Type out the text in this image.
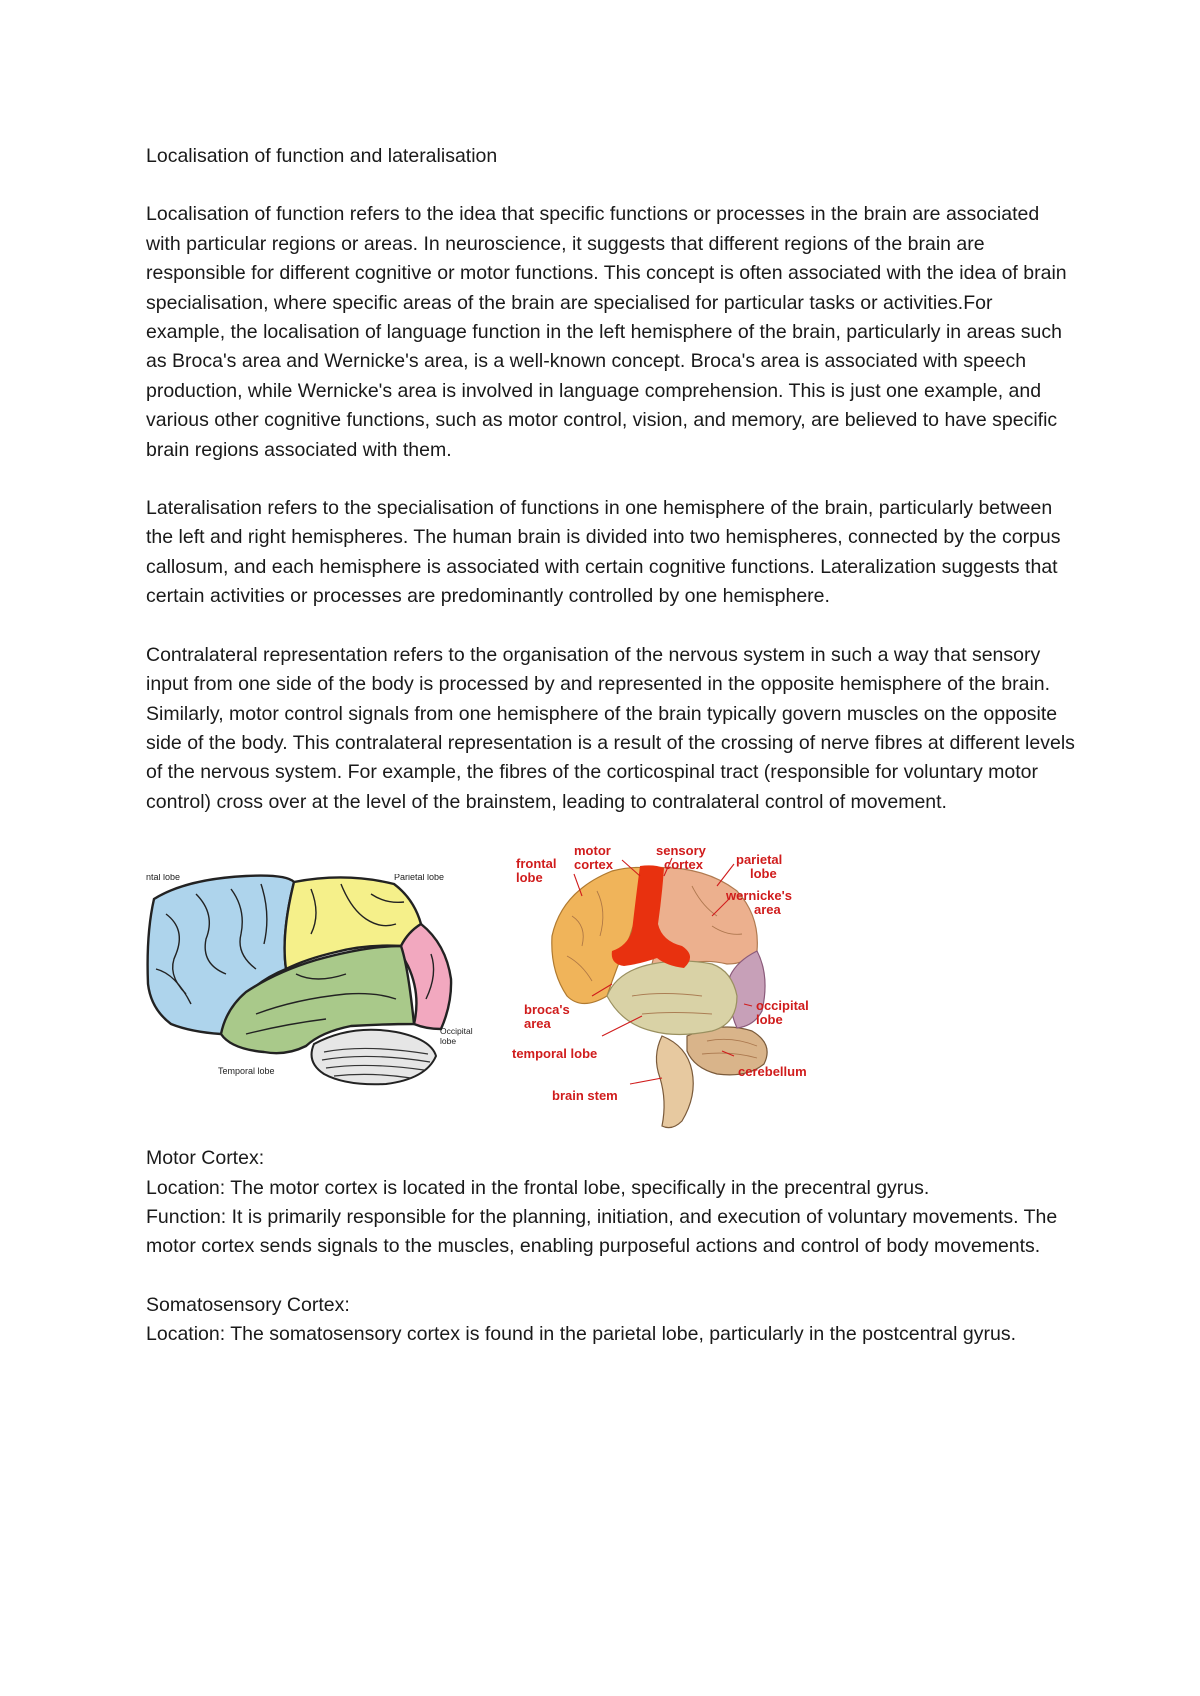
Localisation of function and lateralisation

Localisation of function refers to the idea that specific functions or processes in the brain are associated with particular regions or areas. In neuroscience, it suggests that different regions of the brain are responsible for different cognitive or motor functions. This concept is often associated with the idea of brain specialisation, where specific areas of the brain are specialised for particular tasks or activities.For example, the localisation of language function in the left hemisphere of the brain, particularly in areas such as Broca's area and Wernicke's area, is a well-known concept. Broca's area is associated with speech production, while Wernicke's area is involved in language comprehension. This is just one example, and various other cognitive functions, such as motor control, vision, and memory, are believed to have specific brain regions associated with them.

Lateralisation refers to the specialisation of functions in one hemisphere of the brain, particularly between the left and right hemispheres. The human brain is divided into two hemispheres, connected by the corpus callosum, and each hemisphere is associated with certain cognitive functions. Lateralization suggests that certain activities or processes are predominantly controlled by one hemisphere.

Contralateral representation refers to the organisation of the nervous system in such a way that sensory input from one side of the body is processed by and represented in the opposite hemisphere of the brain. Similarly, motor control signals from one hemisphere of the brain typically govern muscles on the opposite side of the body. This contralateral representation is a result of the crossing of nerve fibres at different levels of the nervous system. For example, the fibres of the corticospinal tract (responsible for voluntary motor control) cross over at the level of the brainstem, leading to contralateral control of movement.

ntal lobe	Parietal lobe
Occipital
lobe
Temporal lobe
frontal
lobe
motor
cortex
sensory
cortex	parietal
lobe
wernicke's
area
broca's
area
occipital
lobe
temporal lobe
cerebellum
brain stem

Motor Cortex:

Location: The motor cortex is located in the frontal lobe, specifically in the precentral gyrus.

Function: It is primarily responsible for the planning, initiation, and execution of voluntary movements. The motor cortex sends signals to the muscles, enabling purposeful actions and control of body movements.

Somatosensory Cortex:

Location: The somatosensory cortex is found in the parietal lobe, particularly in the postcentral gyrus.
